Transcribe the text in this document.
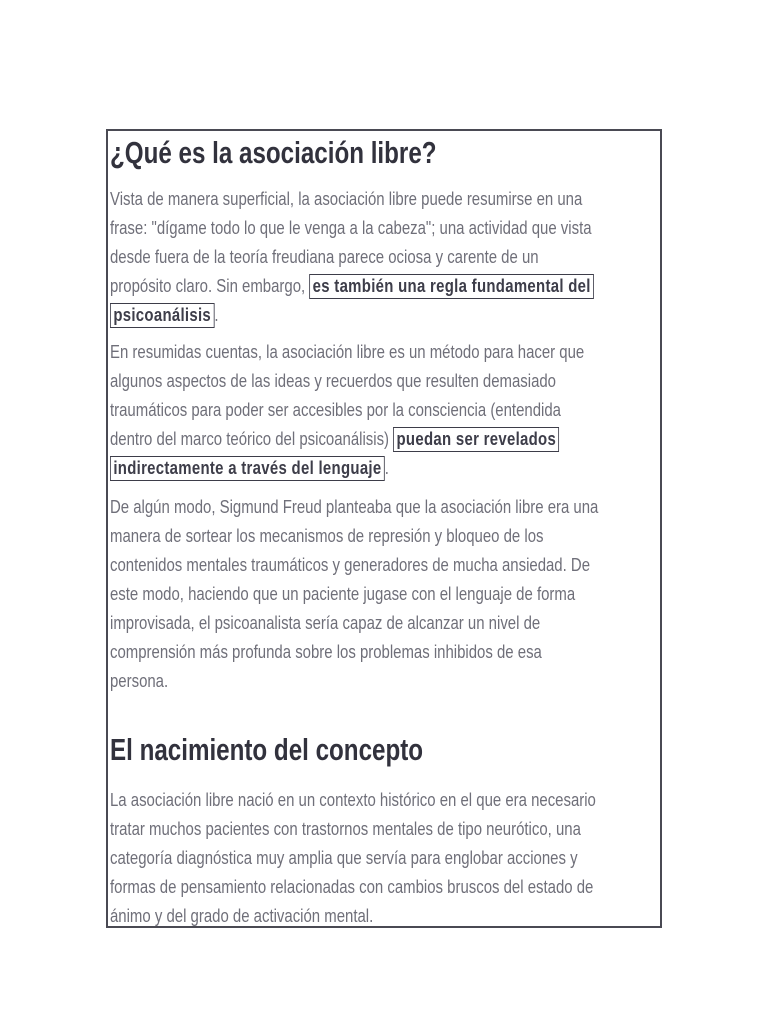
¿Qué es la asociación libre?
Vista de manera superficial, la asociación libre puede resumirse en una
frase: "dígame todo lo que le venga a la cabeza"; una actividad que vista
desde fuera de la teoría freudiana parece ociosa y carente de un
propósito claro. Sin embargo, es también una regla fundamental del
psicoanálisis .
En resumidas cuentas, la asociación libre es un método para hacer que
algunos aspectos de las ideas y recuerdos que resulten demasiado
traumáticos para poder ser accesibles por la consciencia (entendida
dentro del marco teórico del psicoanálisis) puedan ser revelados
indirectamente a través del lenguaje .
De algún modo, Sigmund Freud planteaba que la asociación libre era una
manera de sortear los mecanismos de represión y bloqueo de los
contenidos mentales traumáticos y generadores de mucha ansiedad. De
este modo, haciendo que un paciente jugase con el lenguaje de forma
improvisada, el psicoanalista sería capaz de alcanzar un nivel de
comprensión más profunda sobre los problemas inhibidos de esa
persona.
El nacimiento del concepto
La asociación libre nació en un contexto histórico en el que era necesario
tratar muchos pacientes con trastornos mentales de tipo neurótico, una
categoría diagnóstica muy amplia que servía para englobar acciones y
formas de pensamiento relacionadas con cambios bruscos del estado de
ánimo y del grado de activación mental.
